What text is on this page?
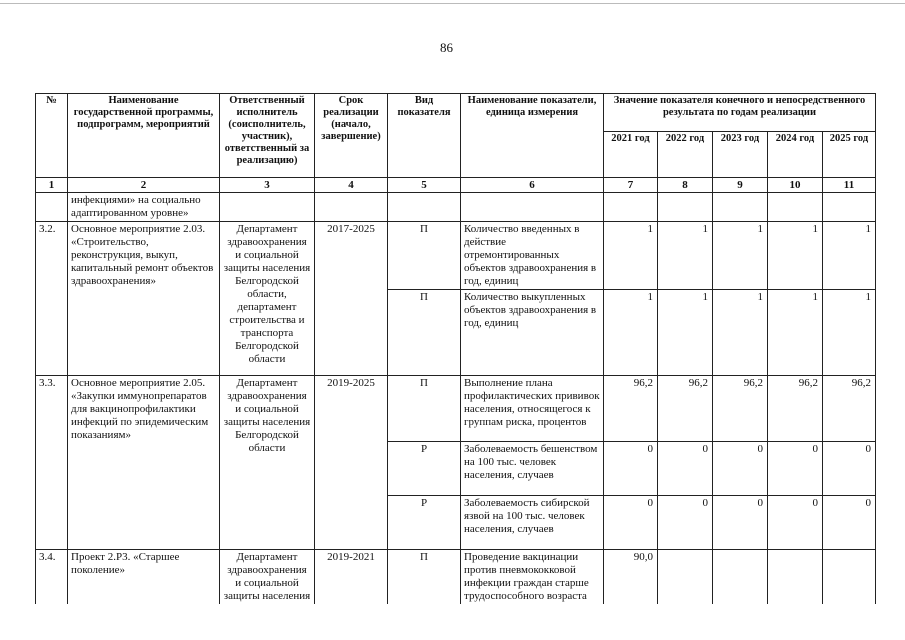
86
№	Наименование государственной программы, подпрограмм, мероприятий	Ответственный исполнитель (соисполнитель, участник), ответственный за реализацию)	Срок реализации (начало, завершение)	Вид показателя	Наименование показатели, единица измерения	Значение показателя конечного и непосредственного результата по годам реализации				
						2021 год	2022 год	2023 год	2024 год	2025 год
1	2	3	4	5	6	7	8	9	10	11
	инфекциями» на социально адаптированном уровне»									
3.2.	Основное мероприятие 2.03. «Строительство, реконструкция, выкуп, капитальный ремонт объектов здравоохранения»	Департамент здравоохранения и социальной защиты населения Белгородской области, департамент строительства и транспорта Белгородской области	2017-2025	П	Количество введенных в действие отремонтированных объектов здравоохранения в год, единиц	1	1	1	1	1
				П	Количество выкупленных объектов здравоохранения в год, единиц	1	1	1	1	1
3.3.	Основное мероприятие 2.05. «Закупки иммунопрепаратов для вакцинопрофилактики инфекций по эпидемическим показаниям»	Департамент здравоохранения и социальной защиты населения Белгородской области	2019-2025	П	Выполнение плана профилактических прививок населения, относящегося к группам риска, процентов	96,2	96,2	96,2	96,2	96,2
				Р	Заболеваемость бешенством на 100 тыс. человек населения, случаев	0	0	0	0	0
				Р	Заболеваемость сибирской язвой на 100 тыс. человек населения, случаев	0	0	0	0	0
3.4.	Проект 2.Р3. «Старшее поколение»	Департамент здравоохранения и социальной защиты населения	2019-2021	П	Проведение вакцинации против пневмококковой инфекции граждан старше трудоспособного возраста	90,0				
